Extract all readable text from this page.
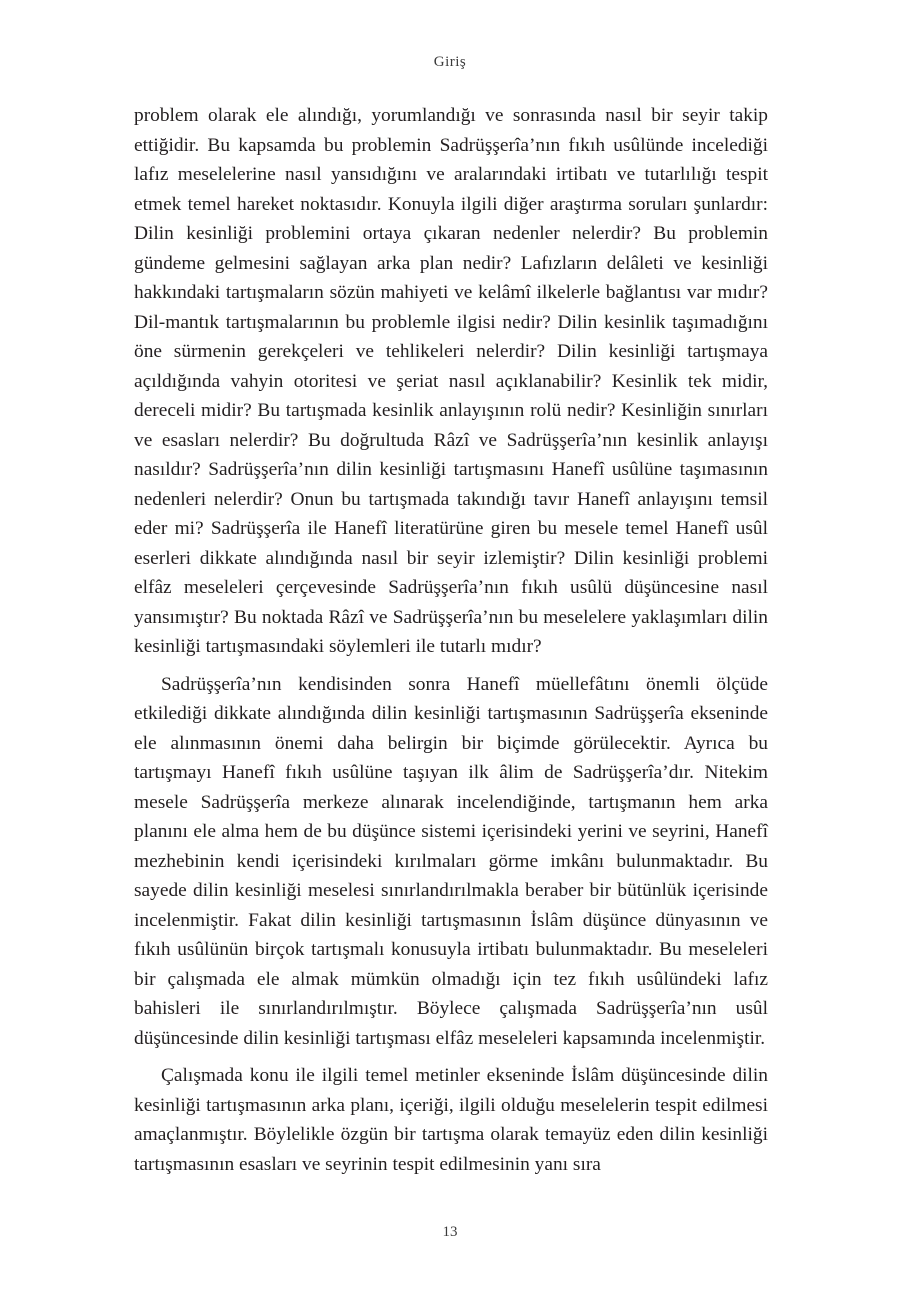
Giriş

problem olarak ele alındığı, yorumlandığı ve sonrasında nasıl bir seyir takip ettiğidir. Bu kapsamda bu problemin Sadrüşşerîa’nın fıkıh usûlünde incelediği lafız meselelerine nasıl yansıdığını ve aralarındaki irtibatı ve tutarlılığı tespit etmek temel hareket noktasıdır. Konuyla ilgili diğer araştırma soruları şunlardır: Dilin kesinliği problemini ortaya çıkaran nedenler nelerdir? Bu problemin gündeme gelmesini sağlayan arka plan nedir? Lafızların delâleti ve kesinliği hakkındaki tartışmaların sözün mahiyeti ve kelâmî ilkelerle bağlantısı var mıdır? Dil-mantık tartışmalarının bu problemle ilgisi nedir? Dilin kesinlik taşımadığını öne sürmenin gerekçeleri ve tehlikeleri nelerdir? Dilin kesinliği tartışmaya açıldığında vahyin otoritesi ve şeriat nasıl açıklanabilir? Kesinlik tek midir, dereceli midir? Bu tartışmada kesinlik anlayışının rolü nedir? Kesinliğin sınırları ve esasları nelerdir? Bu doğrultuda Râzî ve Sadrüşşerîa’nın kesinlik anlayışı nasıldır? Sadrüşşerîa’nın dilin kesinliği tartışmasını Hanefî usûlüne taşımasının nedenleri nelerdir? Onun bu tartışmada takındığı tavır Hanefî anlayışını temsil eder mi? Sadrüşşerîa ile Hanefî literatürüne giren bu mesele temel Hanefî usûl eserleri dikkate alındığında nasıl bir seyir izlemiştir? Dilin kesinliği problemi elfâz meseleleri çerçevesinde Sadrüşşerîa’nın fıkıh usûlü düşüncesine nasıl yansımıştır? Bu noktada Râzî ve Sadrüşşerîa’nın bu meselelere yaklaşımları dilin kesinliği tartışmasındaki söylemleri ile tutarlı mıdır?

Sadrüşşerîa’nın kendisinden sonra Hanefî müellefâtını önemli ölçüde etkilediği dikkate alındığında dilin kesinliği tartışmasının Sadrüşşerîa ekseninde ele alınmasının önemi daha belirgin bir biçimde görülecektir. Ayrıca bu tartışmayı Hanefî fıkıh usûlüne taşıyan ilk âlim de Sadrüşşerîa’dır. Nitekim mesele Sadrüşşerîa merkeze alınarak incelendiğinde, tartışmanın hem arka planını ele alma hem de bu düşünce sistemi içerisindeki yerini ve seyrini, Hanefî mezhebinin kendi içerisindeki kırılmaları görme imkânı bulunmaktadır. Bu sayede dilin kesinliği meselesi sınırlandırılmakla beraber bir bütünlük içerisinde incelenmiştir. Fakat dilin kesinliği tartışmasının İslâm düşünce dünyasının ve fıkıh usûlünün birçok tartışmalı konusuyla irtibatı bulunmaktadır. Bu meseleleri bir çalışmada ele almak mümkün olmadığı için tez fıkıh usûlündeki lafız bahisleri ile sınırlandırılmıştır. Böylece çalışmada Sadrüşşerîa’nın usûl düşüncesinde dilin kesinliği tartışması elfâz meseleleri kapsamında incelenmiştir.

Çalışmada konu ile ilgili temel metinler ekseninde İslâm düşüncesinde dilin kesinliği tartışmasının arka planı, içeriği, ilgili olduğu meselelerin tespit edilmesi amaçlanmıştır. Böylelikle özgün bir tartışma olarak temayüz eden dilin kesinliği tartışmasının esasları ve seyrinin tespit edilmesinin yanı sıra

13
